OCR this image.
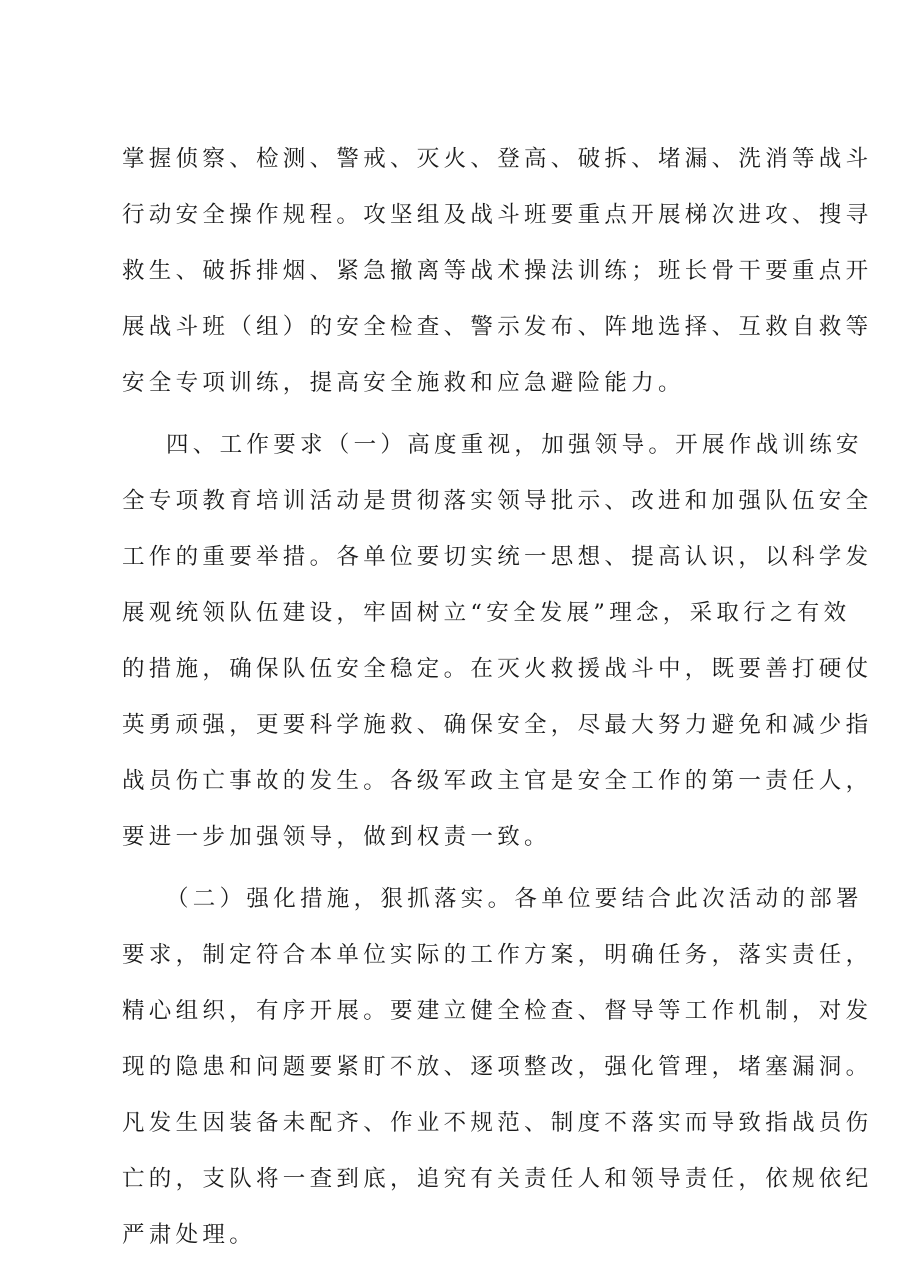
掌握侦察、检测、警戒、灭火、登高、破拆、堵漏、洗消等战斗
行动安全操作规程。攻坚组及战斗班要重点开展梯次进攻、搜寻
救生、破拆排烟、紧急撤离等战术操法训练；班长骨干要重点开
展战斗班（组）的安全检查、警示发布、阵地选择、互救自救等
安全专项训练，提高安全施救和应急避险能力。
四、工作要求（一）高度重视，加强领导。开展作战训练安
全专项教育培训活动是贯彻落实领导批示、改进和加强队伍安全
工作的重要举措。各单位要切实统一思想、提高认识，以科学发
展观统领队伍建设，牢固树立“安全发展”理念，采取行之有效
的措施，确保队伍安全稳定。在灭火救援战斗中，既要善打硬仗
英勇顽强，更要科学施救、确保安全，尽最大努力避免和减少指
战员伤亡事故的发生。各级军政主官是安全工作的第一责任人，
要进一步加强领导，做到权责一致。
（二）强化措施，狠抓落实。各单位要结合此次活动的部署
要求，制定符合本单位实际的工作方案，明确任务，落实责任，
精心组织，有序开展。要建立健全检查、督导等工作机制，对发
现的隐患和问题要紧盯不放、逐项整改，强化管理，堵塞漏洞。
凡发生因装备未配齐、作业不规范、制度不落实而导致指战员伤
亡的，支队将一查到底，追究有关责任人和领导责任，依规依纪
严肃处理。
